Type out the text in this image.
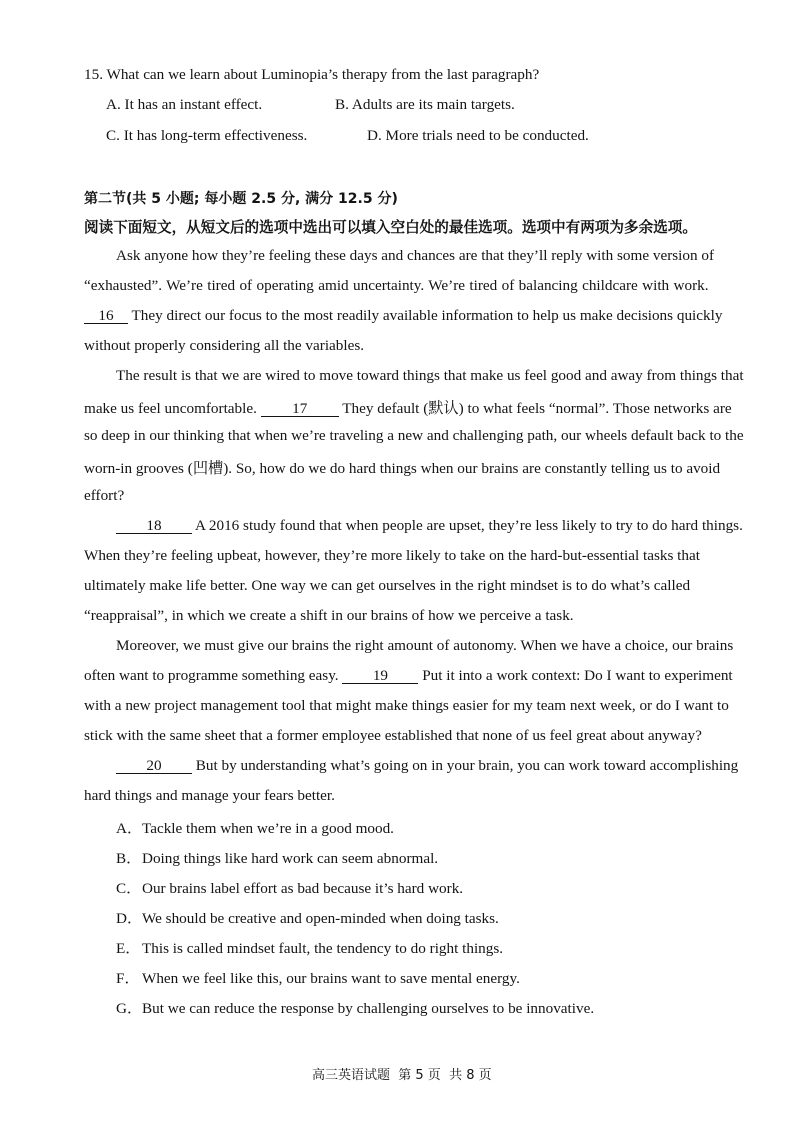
15. What can we learn about Luminopia’s therapy from the last paragraph?
A. It has an instant effect.	B. Adults are its main targets.
C. It has long-term effectiveness.	D. More trials need to be conducted.
第二节(共 5 小题; 每小题 2.5 分, 满分 12.5 分)
阅读下面短文，从短文后的选项中选出可以填入空白处的最佳选项。选项中有两项为多余选项。
Ask anyone how they’re feeling these days and chances are that they’ll reply with some version of
“exhausted”. We’re tired of operating amid uncertainty. We’re tired of balancing childcare with work.
16 They direct our focus to the most readily available information to help us make decisions quickly
without properly considering all the variables.
The result is that we are wired to move toward things that make us feel good and away from things that
make us feel uncomfortable. 17 They default (默认) to what feels “normal”. Those networks are
so deep in our thinking that when we’re traveling a new and challenging path, our wheels default back to the
worn-in grooves (凹槽). So, how do we do hard things when our brains are constantly telling us to avoid
effort?
18 A 2016 study found that when people are upset, they’re less likely to try to do hard things.
When they’re feeling upbeat, however, they’re more likely to take on the hard-but-essential tasks that
ultimately make life better. One way we can get ourselves in the right mindset is to do what’s called
“reappraisal”, in which we create a shift in our brains of how we perceive a task.
Moreover, we must give our brains the right amount of autonomy. When we have a choice, our brains
often want to programme something easy. 19 Put it into a work context: Do I want to experiment
with a new project management tool that might make things easier for my team next week, or do I want to
stick with the same sheet that a former employee established that none of us feel great about anyway?
20 But by understanding what’s going on in your brain, you can work toward accomplishing
hard things and manage your fears better.
A．Tackle them when we’re in a good mood.
B．Doing things like hard work can seem abnormal.
C．Our brains label effort as bad because it’s hard work.
D．We should be creative and open-minded when doing tasks.
E． This is called mindset fault, the tendency to do right things.
F． When we feel like this, our brains want to save mental energy.
G．But we can reduce the response by challenging ourselves to be innovative.
高三英语试题  第 5 页  共 8 页
